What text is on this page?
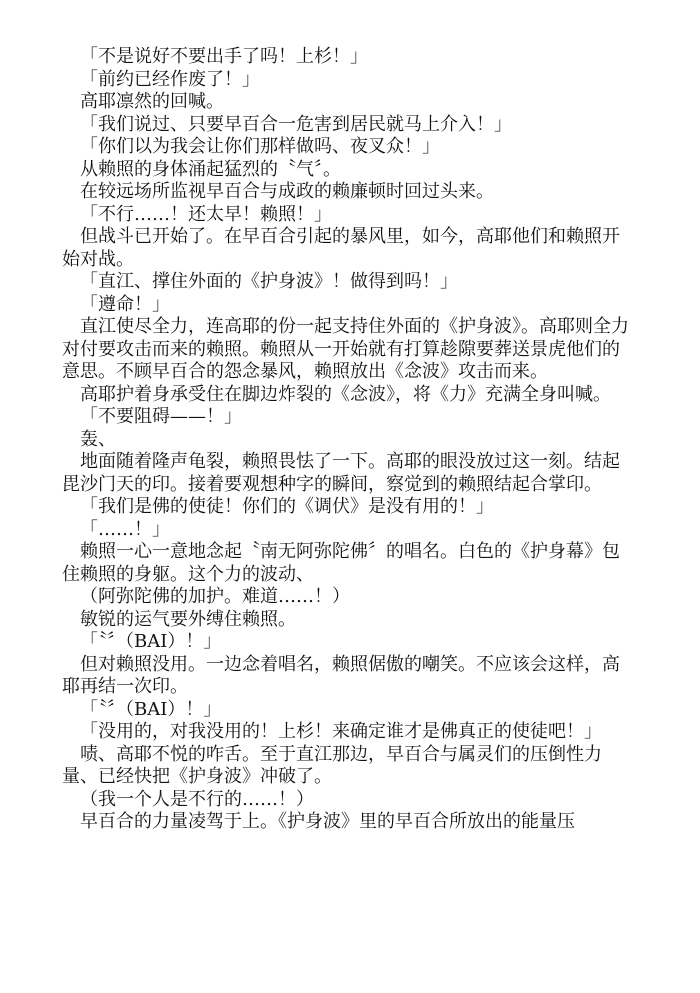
「不是说好不要出手了吗！上杉！」

「前约已经作废了！」

高耶凛然的回喊。

「我们说过、只要早百合一危害到居民就马上介入！」

「你们以为我会让你们那样做吗、夜叉众！」

从赖照的身体涌起猛烈的〝气〞。

在较远场所监视早百合与成政的赖廉顿时回过头来。

「不行……！还太早！赖照！」

但战斗已开始了。在早百合引起的暴风里，如今，高耶他们和赖照开始对战。

「直江、撑住外面的《护身波》！做得到吗！」

「遵命！」

直江使尽全力，连高耶的份一起支持住外面的《护身波》。高耶则全力对付要攻击而来的赖照。赖照从一开始就有打算趁隙要葬送景虎他们的意思。不顾早百合的怨念暴风，赖照放出《念波》攻击而来。

高耶护着身承受住在脚边炸裂的《念波》，将《力》充满全身叫喊。

「不要阻碍——！」

轰、

地面随着隆声龟裂，赖照畏怯了一下。高耶的眼没放过这一刻。结起毘沙门天的印。接着要观想种字的瞬间，察觉到的赖照结起合掌印。

「我们是佛的使徒！你们的《调伏》是没有用的！」

「……！」

赖照一心一意地念起〝南无阿弥陀佛〞的唱名。白色的《护身幕》包住赖照的身躯。这个力的波动、

（阿弥陀佛的加护。难道……！）

敏锐的运气要外缚住赖照。

「〝〞（BAI）！」

但对赖照没用。一边念着唱名，赖照倨傲的嘲笑。不应该会这样，高耶再结一次印。

「〝〞（BAI）！」

「没用的，对我没用的！上杉！来确定谁才是佛真正的使徒吧！」

啧、高耶不悦的咋舌。至于直江那边，早百合与属灵们的压倒性力量、已经快把《护身波》冲破了。

（我一个人是不行的……！）

早百合的力量凌驾于上。《护身波》里的早百合所放出的能量压
